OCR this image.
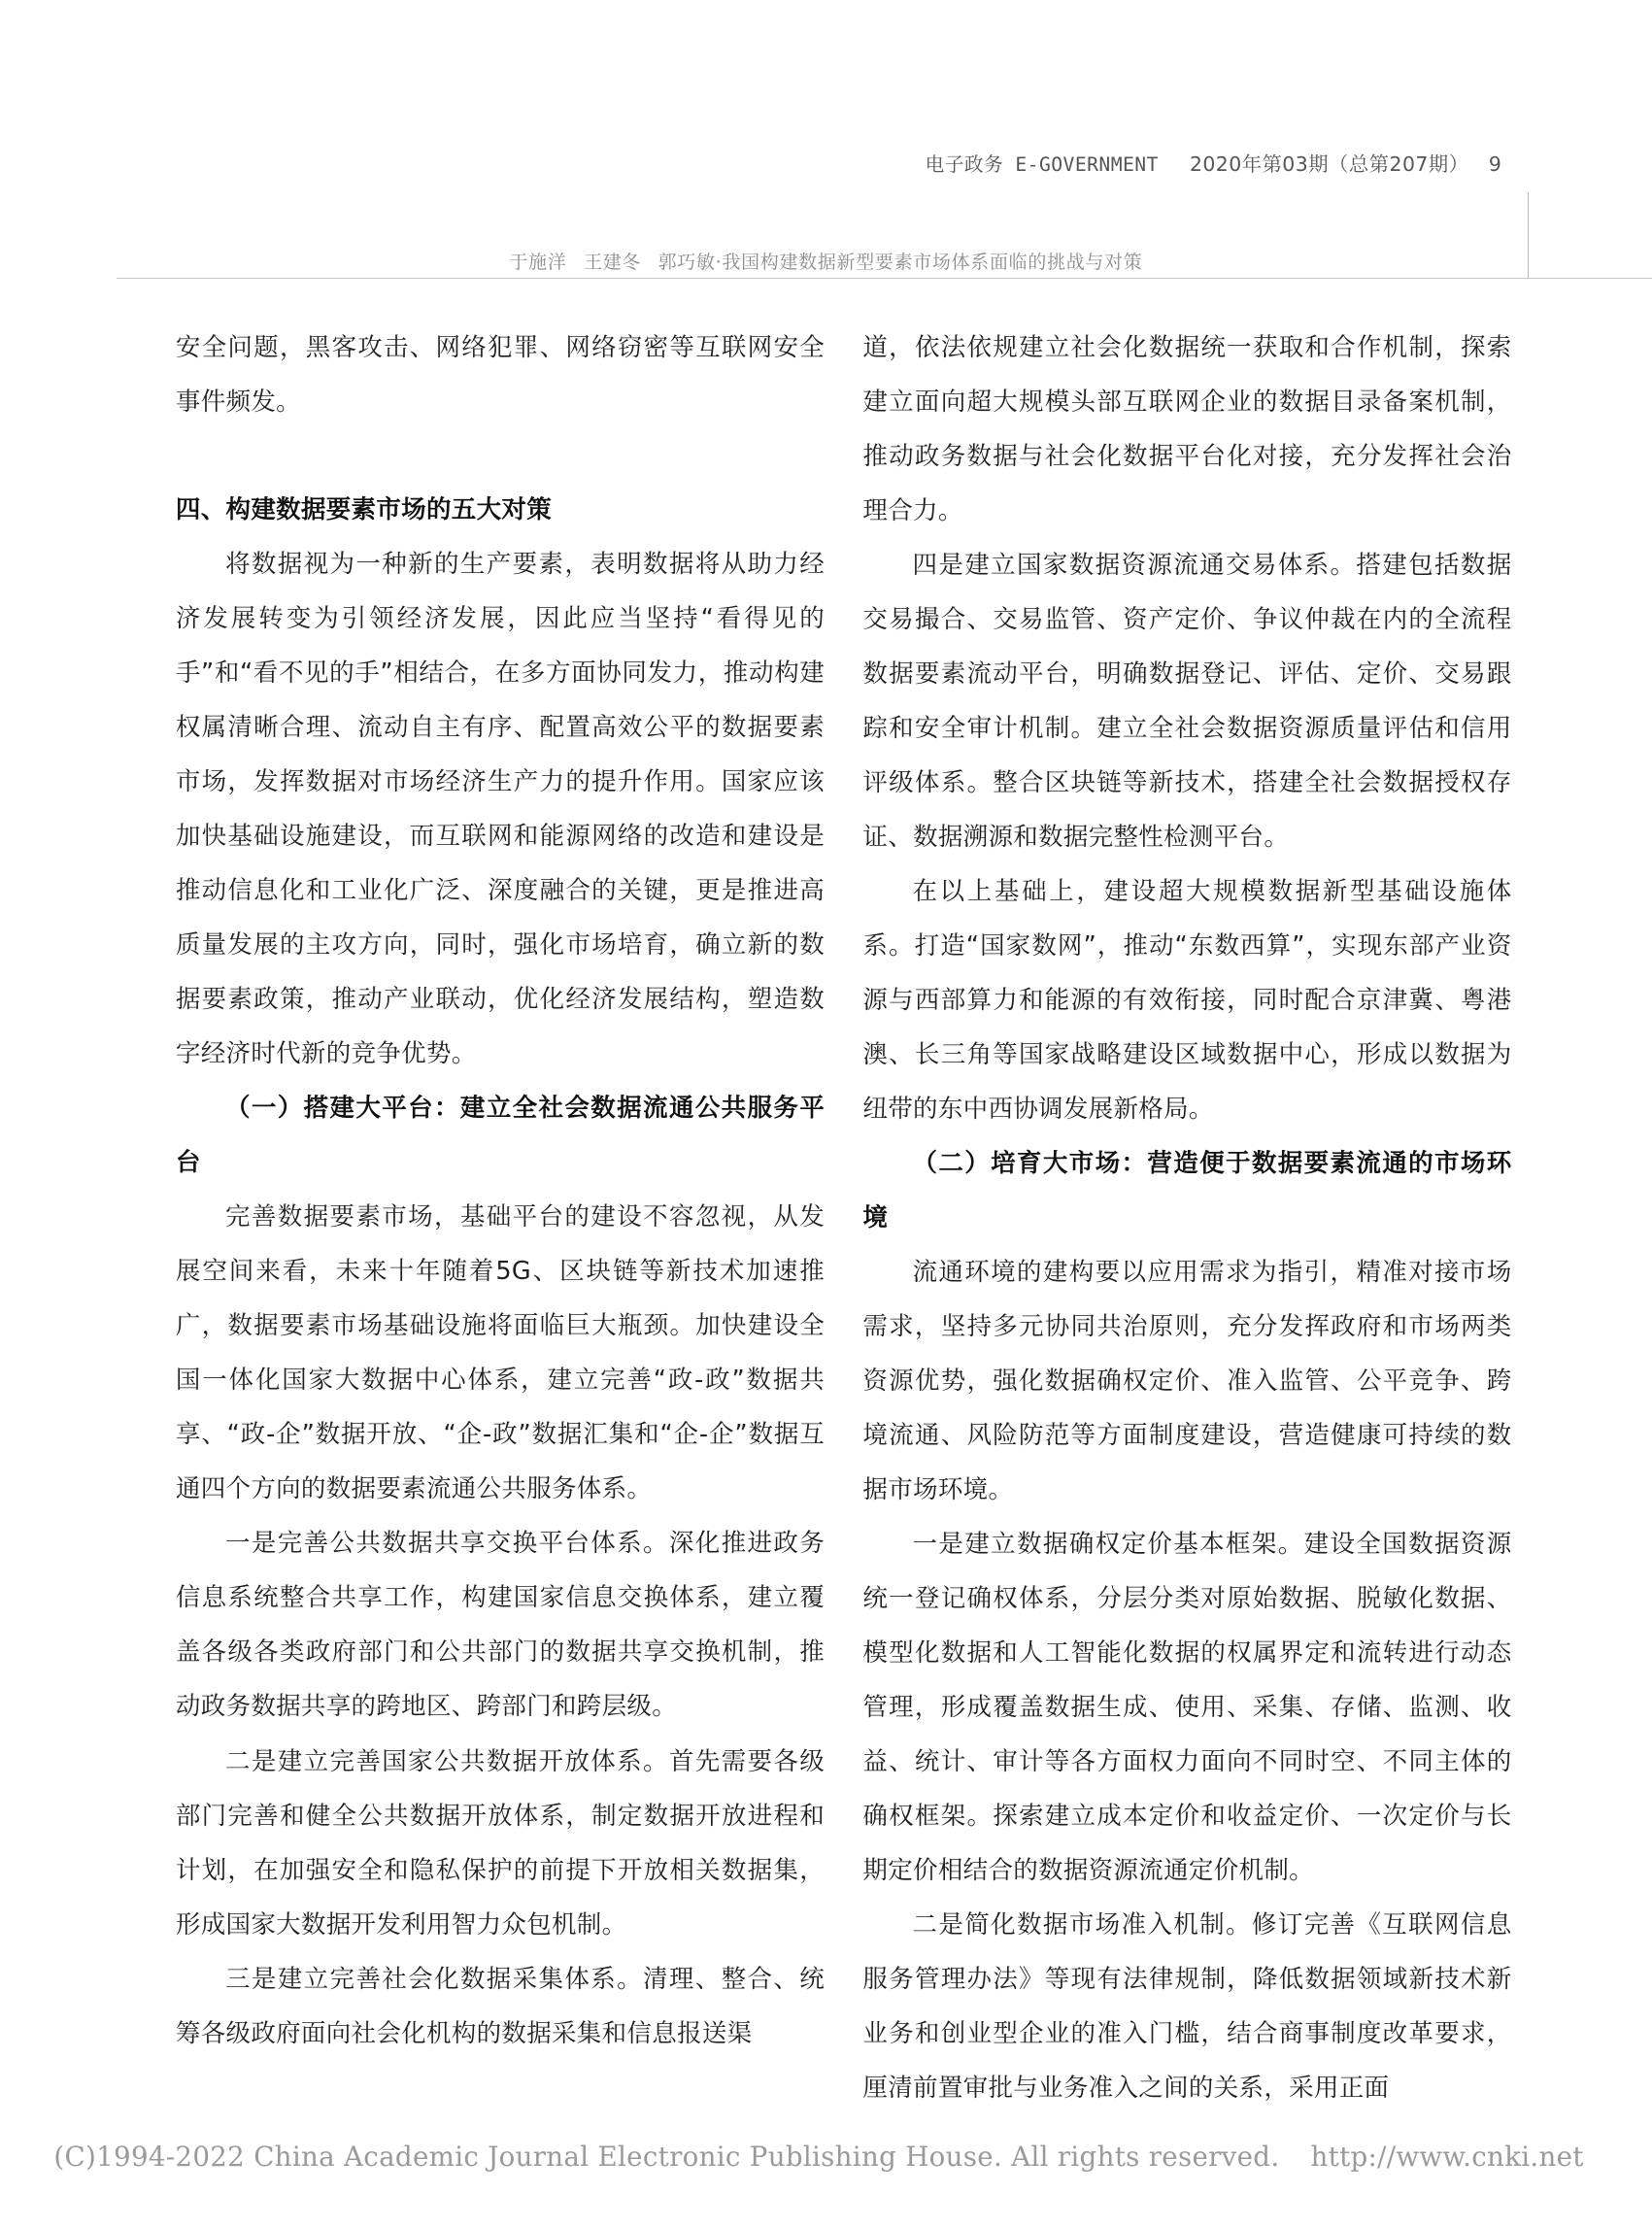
电子政务 E-GOVERNMENT 2020年第03期（总第207期） 9
于施洋 王建冬 郭巧敏·我国构建数据新型要素市场体系面临的挑战与对策

安全问题，黑客攻击、网络犯罪、网络窃密等互联网安全事件频发。

四、构建数据要素市场的五大对策

将数据视为一种新的生产要素，表明数据将从助力经济发展转变为引领经济发展，因此应当坚持“看得见的手”和“看不见的手”相结合，在多方面协同发力，推动构建权属清晰合理、流动自主有序、配置高效公平的数据要素市场，发挥数据对市场经济生产力的提升作用。国家应该加快基础设施建设，而互联网和能源网络的改造和建设是推动信息化和工业化广泛、深度融合的关键，更是推进高质量发展的主攻方向，同时，强化市场培育，确立新的数据要素政策，推动产业联动，优化经济发展结构，塑造数字经济时代新的竞争优势。

（一）搭建大平台：建立全社会数据流通公共服务平台

完善数据要素市场，基础平台的建设不容忽视，从发展空间来看，未来十年随着5G、区块链等新技术加速推广，数据要素市场基础设施将面临巨大瓶颈。加快建设全国一体化国家大数据中心体系，建立完善“政-政”数据共享、“政-企”数据开放、“企-政”数据汇集和“企-企”数据互通四个方向的数据要素流通公共服务体系。

一是完善公共数据共享交换平台体系。深化推进政务信息系统整合共享工作，构建国家信息交换体系，建立覆盖各级各类政府部门和公共部门的数据共享交换机制，推动政务数据共享的跨地区、跨部门和跨层级。

二是建立完善国家公共数据开放体系。首先需要各级部门完善和健全公共数据开放体系，制定数据开放进程和计划，在加强安全和隐私保护的前提下开放相关数据集，形成国家大数据开发利用智力众包机制。

三是建立完善社会化数据采集体系。清理、整合、统筹各级政府面向社会化机构的数据采集和信息报送渠

道，依法依规建立社会化数据统一获取和合作机制，探索建立面向超大规模头部互联网企业的数据目录备案机制，推动政务数据与社会化数据平台化对接，充分发挥社会治理合力。

四是建立国家数据资源流通交易体系。搭建包括数据交易撮合、交易监管、资产定价、争议仲裁在内的全流程数据要素流动平台，明确数据登记、评估、定价、交易跟踪和安全审计机制。建立全社会数据资源质量评估和信用评级体系。整合区块链等新技术，搭建全社会数据授权存证、数据溯源和数据完整性检测平台。

在以上基础上，建设超大规模数据新型基础设施体系。打造“国家数网”，推动“东数西算”，实现东部产业资源与西部算力和能源的有效衔接，同时配合京津冀、粤港澳、长三角等国家战略建设区域数据中心，形成以数据为纽带的东中西协调发展新格局。

（二）培育大市场：营造便于数据要素流通的市场环境

流通环境的建构要以应用需求为指引，精准对接市场需求，坚持多元协同共治原则，充分发挥政府和市场两类资源优势，强化数据确权定价、准入监管、公平竞争、跨境流通、风险防范等方面制度建设，营造健康可持续的数据市场环境。

一是建立数据确权定价基本框架。建设全国数据资源统一登记确权体系，分层分类对原始数据、脱敏化数据、模型化数据和人工智能化数据的权属界定和流转进行动态管理，形成覆盖数据生成、使用、采集、存储、监测、收益、统计、审计等各方面权力面向不同时空、不同主体的确权框架。探索建立成本定价和收益定价、一次定价与长期定价相结合的数据资源流通定价机制。

二是简化数据市场准入机制。修订完善《互联网信息服务管理办法》等现有法律规制，降低数据领域新技术新业务和创业型企业的准入门槛，结合商事制度改革要求，厘清前置审批与业务准入之间的关系，采用正面

(C)1994-2022 China Academic Journal Electronic Publishing House. All rights reserved. http://www.cnki.net
